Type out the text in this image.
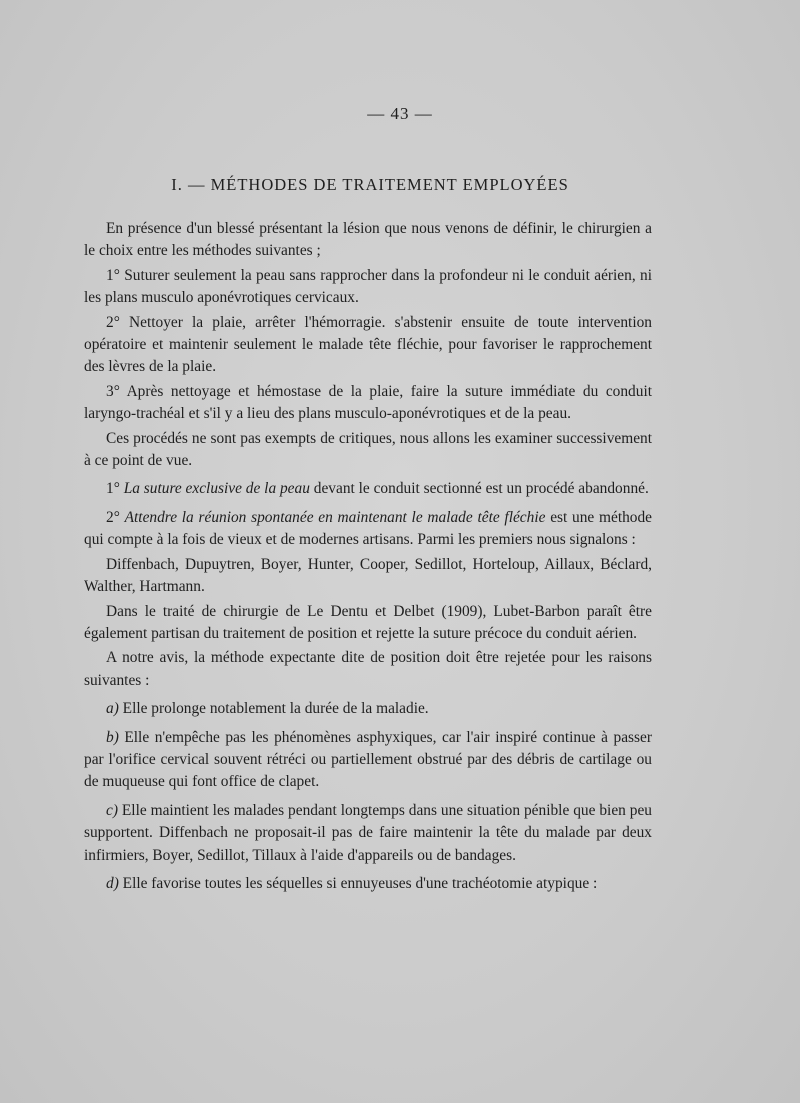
— 43 —
I. — MÉTHODES DE TRAITEMENT EMPLOYÉES

En présence d'un blessé présentant la lésion que nous venons de définir, le chirurgien a le choix entre les méthodes suivantes ;

1° Suturer seulement la peau sans rapprocher dans la profondeur ni le conduit aérien, ni les plans musculo aponévrotiques cervicaux.

2° Nettoyer la plaie, arrêter l'hémorragie. s'abstenir ensuite de toute intervention opératoire et maintenir seulement le malade tête fléchie, pour favoriser le rapprochement des lèvres de la plaie.

3° Après nettoyage et hémostase de la plaie, faire la suture immédiate du conduit laryngo-trachéal et s'il y a lieu des plans musculo-aponévrotiques et de la peau.

Ces procédés ne sont pas exempts de critiques, nous allons les examiner successivement à ce point de vue.

1° La suture exclusive de la peau devant le conduit sectionné est un procédé abandonné.

2° Attendre la réunion spontanée en maintenant le malade tête fléchie est une méthode qui compte à la fois de vieux et de modernes artisans. Parmi les premiers nous signalons :

Diffenbach, Dupuytren, Boyer, Hunter, Cooper, Sedillot, Horteloup, Aillaux, Béclard, Walther, Hartmann.

Dans le traité de chirurgie de Le Dentu et Delbet (1909), Lubet-Barbon paraît être également partisan du traitement de position et rejette la suture précoce du conduit aérien.

A notre avis, la méthode expectante dite de position doit être rejetée pour les raisons suivantes :

a) Elle prolonge notablement la durée de la maladie.

b) Elle n'empêche pas les phénomènes asphyxiques, car l'air inspiré continue à passer par l'orifice cervical souvent rétréci ou partiellement obstrué par des débris de cartilage ou de muqueuse qui font office de clapet.

c) Elle maintient les malades pendant longtemps dans une situation pénible que bien peu supportent. Diffenbach ne proposait-il pas de faire maintenir la tête du malade par deux infirmiers, Boyer, Sedillot, Tillaux à l'aide d'appareils ou de bandages.

d) Elle favorise toutes les séquelles si ennuyeuses d'une trachéotomie atypique :
